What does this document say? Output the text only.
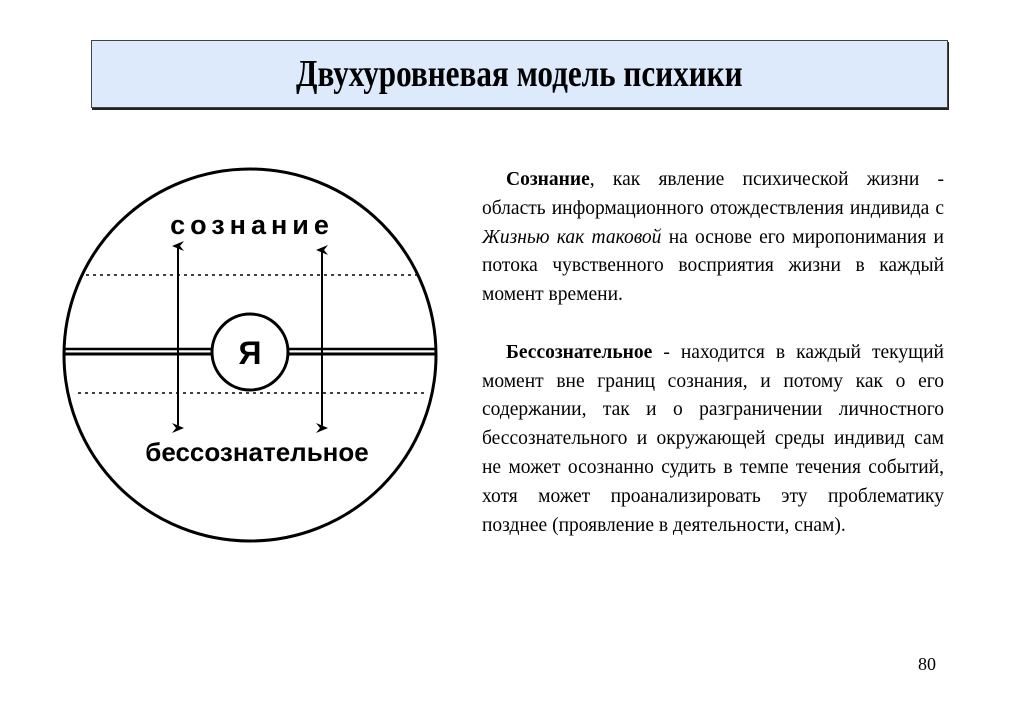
Двухуровневая модель психики
Я
сознание
бессознательное

Сознание, как явление психической жизни - область информационного отождествления индивида с Жизнью как таковой на основе его миропонимания и потока чувственного восприятия жизни в каждый момент времени.

Бессознательное - находится в каждый текущий момент вне границ сознания, и потому как о его содержании, так и о разграничении личностного бессознательного и окружающей среды индивид сам не может осознанно судить в темпе течения событий, хотя может проанализировать эту проблематику позднее (проявление в деятельности, снам).

80
